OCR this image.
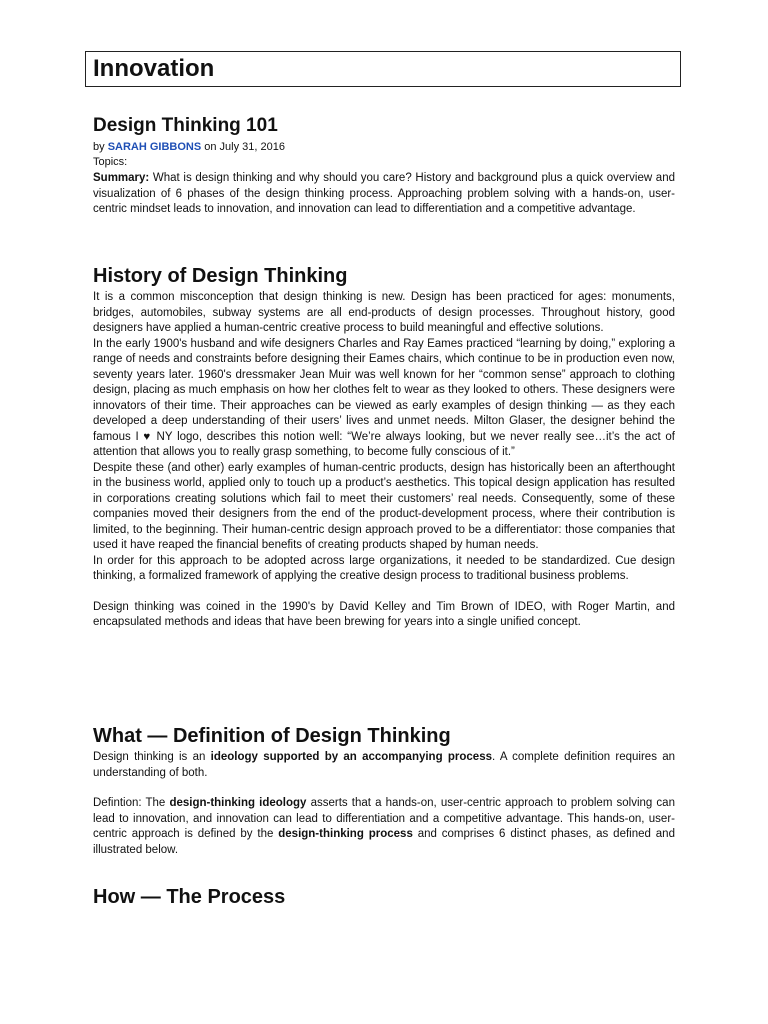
Innovation
Design Thinking 101
by SARAH GIBBONS on July 31, 2016
Topics:

Summary: What is design thinking and why should you care? History and background plus a quick overview and visualization of 6 phases of the design thinking process. Approaching problem solving with a hands-on, user-centric mindset leads to innovation, and innovation can lead to differentiation and a competitive advantage.

History of Design Thinking

It is a common misconception that design thinking is new. Design has been practiced for ages: monuments, bridges, automobiles, subway systems are all end-products of design processes. Throughout history, good designers have applied a human-centric creative process to build meaningful and effective solutions.

In the early 1900's husband and wife designers Charles and Ray Eames practiced “learning by doing,” exploring a range of needs and constraints before designing their Eames chairs, which continue to be in production even now, seventy years later. 1960's dressmaker Jean Muir was well known for her “common sense” approach to clothing design, placing as much emphasis on how her clothes felt to wear as they looked to others. These designers were innovators of their time. Their approaches can be viewed as early examples of design thinking — as they each developed a deep understanding of their users’ lives and unmet needs. Milton Glaser, the designer behind the famous I ♥ NY logo, describes this notion well: “We’re always looking, but we never really see…it’s the act of attention that allows you to really grasp something, to become fully conscious of it.”

Despite these (and other) early examples of human-centric products, design has historically been an afterthought in the business world, applied only to touch up a product’s aesthetics. This topical design application has resulted in corporations creating solutions which fail to meet their customers’ real needs. Consequently, some of these companies moved their designers from the end of the product-development process, where their contribution is limited, to the beginning. Their human-centric design approach proved to be a differentiator: those companies that used it have reaped the financial benefits of creating products shaped by human needs.

In order for this approach to be adopted across large organizations, it needed to be standardized. Cue design thinking, a formalized framework of applying the creative design process to traditional business problems.

Design thinking was coined in the 1990's by David Kelley and Tim Brown of IDEO, with Roger Martin, and encapsulated methods and ideas that have been brewing for years into a single unified concept.

What — Definition of Design Thinking

Design thinking is an ideology supported by an accompanying process. A complete definition requires an understanding of both.

Defintion: The design-thinking ideology asserts that a hands-on, user-centric approach to problem solving can lead to innovation, and innovation can lead to differentiation and a competitive advantage. This hands-on, user-centric approach is defined by the design-thinking process and comprises 6 distinct phases, as defined and illustrated below.

How — The Process
